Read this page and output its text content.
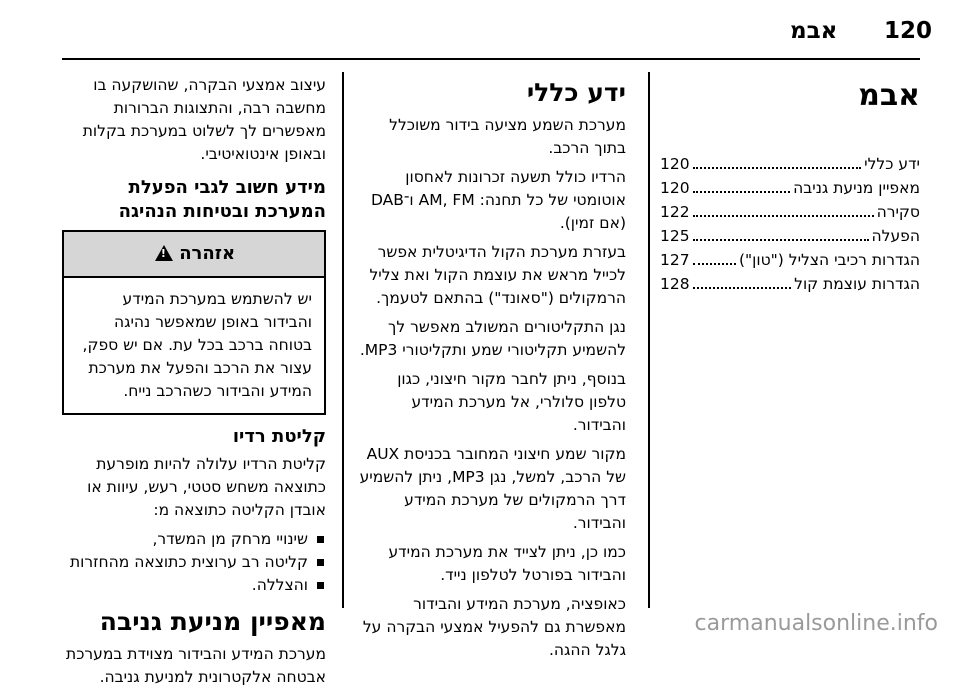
120
אבמ
אבמ
ידע כללי
120
מאפיין מניעת גניבה
120
סקירה
122
הפעלה
125
הגדרות רכיבי הצליל ("טון")
127
הגדרות עוצמת קול
128
ידע כללי

מערכת השמע מציעה בידור משוכלל בתוך הרכב.

הרדיו כולל תשעה זכרונות לאחסון אוטומטי של כל תחנה: AM, FM ו־DAB (אם זמין).

בעזרת מערכת הקול הדיגיטלית אפשר לכייל מראש את עוצמת הקול ואת צליל הרמקולים ("סאונד") בהתאם לטעמך.

נגן התקליטורים המשולב מאפשר לך להשמיע תקליטורי שמע ותקליטורי MP3.

בנוסף, ניתן לחבר מקור חיצוני, כגון טלפון סלולרי, אל מערכת המידע והבידור.

מקור שמע חיצוני המחובר בכניסת AUX של הרכב, למשל, נגן MP3, ניתן להשמיע דרך הרמקולים של מערכת המידע והבידור.

כמו כן, ניתן לצייד את מערכת המידע והבידור בפורטל לטלפון נייד.

כאופציה, מערכת המידע והבידור מאפשרת גם להפעיל אמצעי הבקרה על גלגל ההגה.

עיצוב אמצעי הבקרה, שהושקעה בו מחשבה רבה, והתצוגות הברורות מאפשרים לך לשלוט במערכת בקלות ובאופן אינטואיטיבי.

מידע חשוב לגבי הפעלת המערכת ובטיחות הנהיגה
אזהרה !
יש להשתמש במערכת המידע והבידור באופן שמאפשר נהיגה בטוחה ברכב בכל עת. אם יש ספק, עצור את הרכב והפעל את מערכת המידע והבידור כשהרכב נייח.
קליטת רדיו

קליטת הרדיו עלולה להיות מופרעת כתוצאה משחש סטטי, רעש, עיוות או אובדן הקליטה כתוצאה מ:

שינויי מרחק מן המשדר,
קליטה רב ערוצית כתוצאה מהחזרות
והצללה.
מאפיין מניעת גניבה

מערכת המידע והבידור מצוידת במערכת אבטחה אלקטרונית למניעת גניבה.

carmanualsonline.info
